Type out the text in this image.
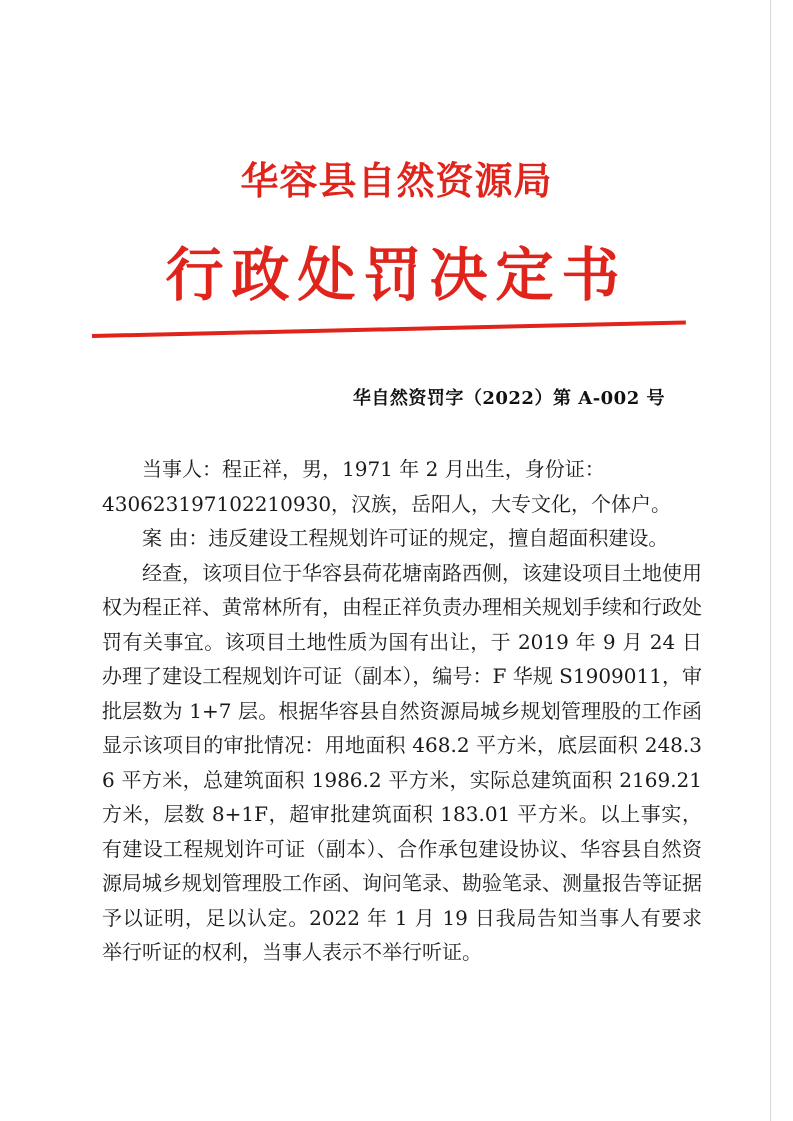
华容县自然资源局
行政处罚决定书
华自然资罚字（2022）第 A-002 号

当事人：程正祥，男，1971 年 2 月出生，身份证：

430623197102210930，汉族，岳阳人，大专文化，个体户。

案 由：违反建设工程规划许可证的规定，擅自超面积建设。

经查，该项目位于华容县荷花塘南路西侧，该建设项目土地使用权为程正祥、黄常林所有，由程正祥负责办理相关规划手续和行政处罚有关事宜。该项目土地性质为国有出让，于 2019 年 9 月 24 日办理了建设工程规划许可证（副本），编号：F 华规 S1909011，审批层数为 1+7 层。根据华容县自然资源局城乡规划管理股的工作函显示该项目的审批情况：用地面积 468.2 平方米，底层面积 248.36 平方米，总建筑面积 1986.2 平方米，实际总建筑面积 2169.21 方米，层数 8+1F，超审批建筑面积 183.01 平方米。以上事实，有建设工程规划许可证（副本）、合作承包建设协议、华容县自然资源局城乡规划管理股工作函、询问笔录、勘验笔录、测量报告等证据予以证明，足以认定。2022 年 1 月 19 日我局告知当事人有要求举行听证的权利，当事人表示不举行听证。
